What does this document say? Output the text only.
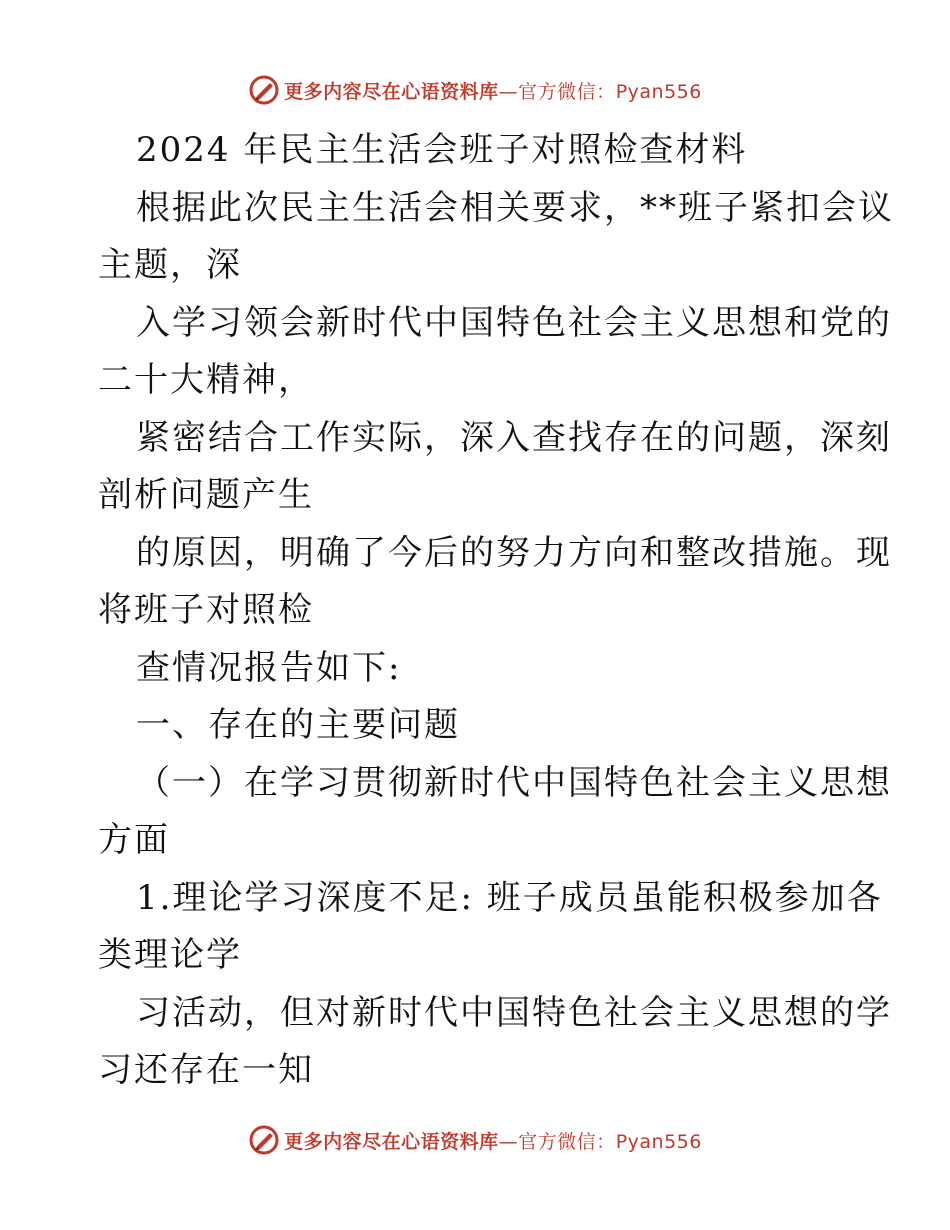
更多内容尽在心语资料库—官方微信：Pyan556
2024 年民主生活会班子对照检查材料
根据此次民主生活会相关要求，**班子紧扣会议
主题，深
入学习领会新时代中国特色社会主义思想和党的
二十大精神，
紧密结合工作实际，深入查找存在的问题，深刻
剖析问题产生
的原因，明确了今后的努力方向和整改措施。现
将班子对照检
查情况报告如下:
一、存在的主要问题
（一）在学习贯彻新时代中国特色社会主义思想
方面
1.理论学习深度不足: 班子成员虽能积极参加各
类理论学
习活动，但对新时代中国特色社会主义思想的学
习还存在一知
更多内容尽在心语资料库—官方微信：Pyan556
